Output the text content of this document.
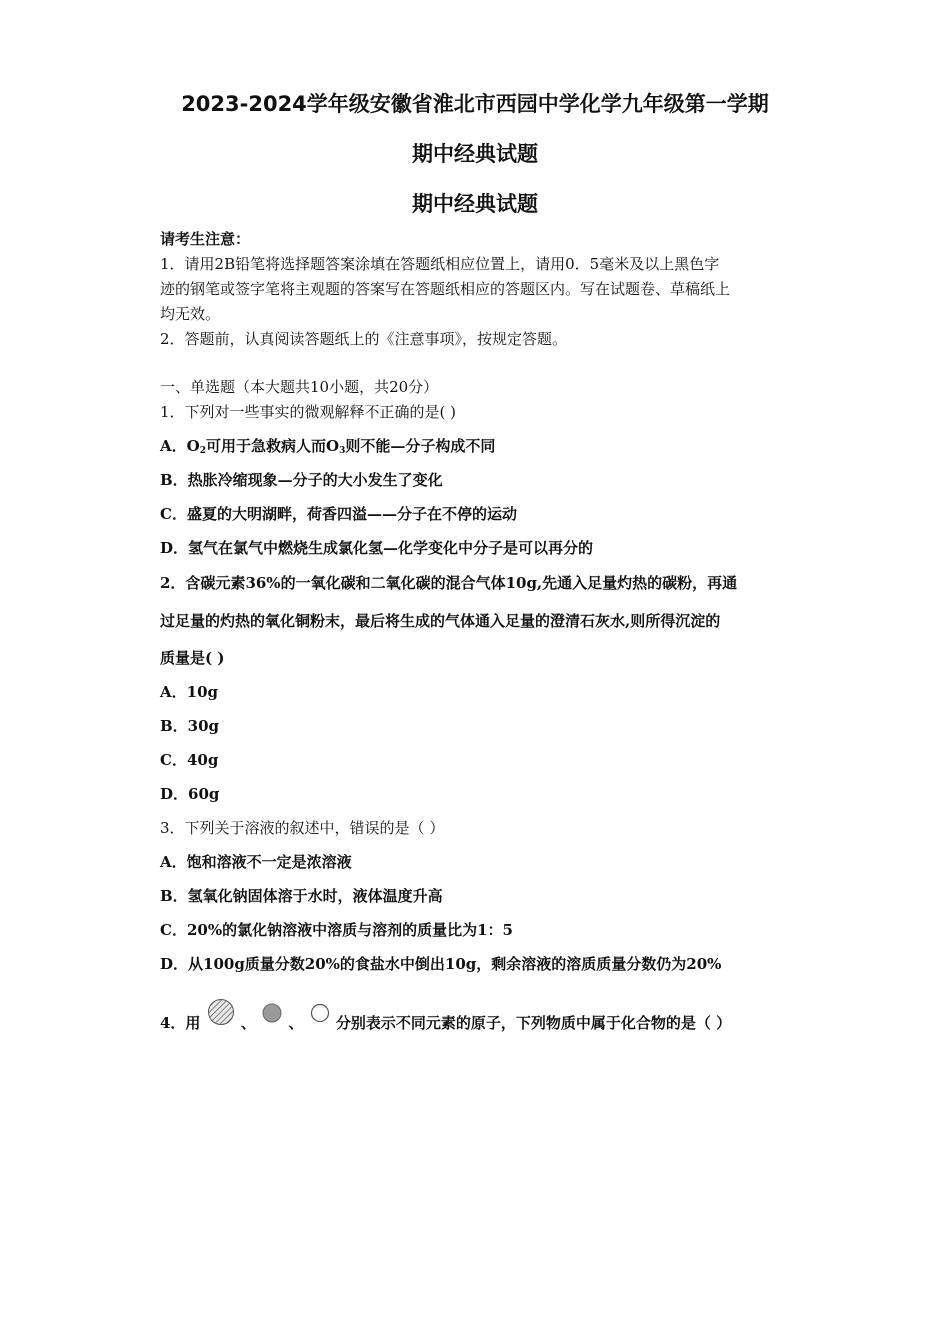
2023-2024学年级安徽省淮北市西园中学化学九年级第一学期
期中经典试题
期中经典试题
请考生注意：
1．请用2B铅笔将选择题答案涂填在答题纸相应位置上，请用0．5毫米及以上黑色字
迹的钢笔或签字笔将主观题的答案写在答题纸相应的答题区内。写在试题卷、草稿纸上
均无效。
2．答题前，认真阅读答题纸上的《注意事项》，按规定答题。
一、单选题（本大题共10小题，共20分）
1．下列对一些事实的微观解释不正确的是( )
A．$O_2$可用于急救病人而$O_3$则不能—分子构成不同
B．热胀冷缩现象—分子的大小发生了变化
C．盛夏的大明湖畔，荷香四溢——分子在不停的运动
D．氢气在氯气中燃烧生成氯化氢—化学变化中分子是可以再分的
2．含碳元素36%的一氧化碳和二氧化碳的混合气体10g,先通入足量灼热的碳粉，再通
过足量的灼热的氧化铜粉末，最后将生成的气体通入足量的澄清石灰水,则所得沉淀的
质量是( )
A．10g
B．30g
C．40g
D．60g
3．下列关于溶液的叙述中，错误的是（ ）
A．饱和溶液不一定是浓溶液
B．氢氧化钠固体溶于水时，液体温度升高
C．20%的氯化钠溶液中溶质与溶剂的质量比为1：5
D．从100g质量分数20%的食盐水中倒出10g，剩余溶液的溶质质量分数仍为20%
4．用	、 、 分别表示不同元素的原子，下列物质中属于化合物的是（ ）
